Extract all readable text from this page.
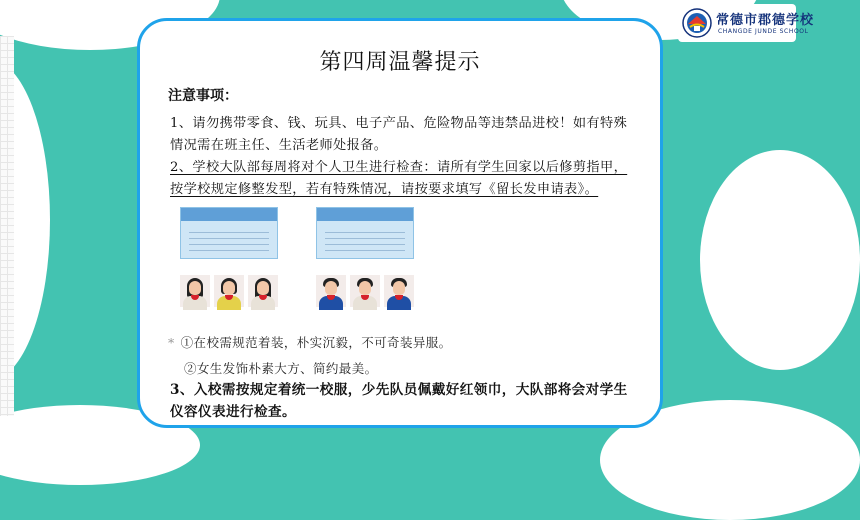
常德市郡德学校
CHANGDE JUNDE SCHOOL
第四周温馨提示
注意事项：
1、请勿携带零食、钱、玩具、电子产品、危险物品等违禁品进校！如有特殊情况需在班主任、生活老师处报备。
2、学校大队部每周将对个人卫生进行检查：请所有学生回家以后修剪指甲，按学校规定修整发型，若有特殊情况，请按要求填写《留长发申请表》。
* ①在校需规范着装，朴实沉毅，不可奇装异服。
②女生发饰朴素大方、简约最美。
3、入校需按规定着统一校服，少先队员佩戴好红领巾，大队部将会对学生仪容仪表进行检查。
